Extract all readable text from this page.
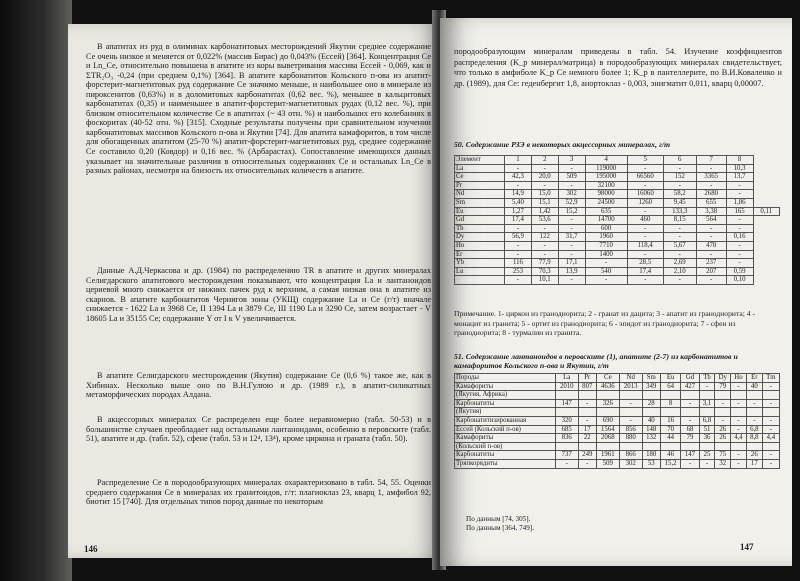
В апатитах из руд в олиминах карбонатитовых месторождений Якутии среднее содержание Се очень низкое и меняется от 0,022% (массив Бирас) до 0,043% (Ессей) [364]. Концентрация Се и Ln_Ce, относительно повышена в апатите из коры выветривания массива Ессей - 0,069, как и ΣTR₂O₃ -0,24 (при среднем 0,1%) [364]. В апатите карбонатитов Кольского п-ова из апатит-форстерит-магнетитовых руд содержание Се значимо меньше, и наибольшее оно в минерале из пироксенитов (0,63%) и в доломитовых карбонатитах (0,62 вес. %), меньшее в кальцитовых карбонатитах (0,35) и наименьшее в апатит-форстерит-магнетитовых рудах (0,12 вес. %), при близком относительном количестве Се в апатитах (~ 43 отн. %) и наибольших его колебаниях в фоскоритах (40-52 отн. %) [315]. Сходные результаты получены при сравнительном изучении карбонатитовых массивов Кольского п-ова и Якутии [74]. Для апатита камафоритов, в том числе для обогащенных апатитом (25-70 %) апатит-форстерит-магнетитовых руд, среднее содержание Се составило 0,20 (Ковдор) и 0,16 вес. % (Арбарастах). Сопоставление имеющихся данных указывает на значительные различия в относительных содержаниях Се и остальных Ln_Ce в разных районах, несмотря на близость их относительных количеств в апатите.

Данные А.Д.Черкасова и др. (1984) по распределению ТR в апатите и других минералах Селигдарского апатитового месторождения показывают, что концентрация La и лантаноидов цериевой много снижается от нижних пачек руд к верхним, а самая низкая она в апатите из скарнов. В апатите карбонатитов Чернигов зоны (УКЩ) содержание La и Се (г/т) вначале снижается - 1622 La и 3968 Се, II 1394 La и 3879 Се, III 1190 La и 3290 Се, затем возрастает - V 18605 La и 35155 Се; содержание Y от I к V увеличивается.

В апатите Селигдарского месторождения (Якутия) содержание Се (0,6 %) такое же, как в Хибинах. Несколько выше оно по В.Н.Гулюю и др. (1989 г.), в апатит-силикатных метаморфических породах Алдана.

В акцессорных минералах Се распределен еще более неравномерно (табл. 50-53) и в большинстве случаев преобладает над остальными лантаноидами, особенно в перовските (табл. 51), апатите и др. (табл. 52), сфене (табл. 53 и 12⁴, 13⁴), кроме циркона и граната (табл. 50).

Распределение Се в породообразующих минералах охарактеризовано в табл. 54, 55. Оценки среднего содержания Се в минералах их гранитоидов, г/т: плагиоклаз 23, кварц 1, амфибол 92, биотит 15 [740]. Для отдельных типов пород данные по некоторым

146
породообразующим минералам приведены в табл. 54. Изучение коэффициентов распределения (K_p минерал/матрица) в породообразующих минералах свидетельствует, что только в амфиболе K_p Се немного более 1; K_p в пантеллерите, по В.И.Коваленко и др. (1989), для Се: геденбергит 1,8, анортоклаз - 0,003, энигматит 0,011, кварц 0,00007.
50. Содержание РЗЭ в некоторых акцессорных минералах, г/т
Элемент	1	2	3	4	5	6	7	8	
La	-	-	-	119000	-	-	-	10,3	
Ce	42,3	20,0	509	195000	66560	152	3365	13,7	
Pr	-	-	-	32100	-	-	-	-	
Nd	14,9	15,0	302	98000	16060	58,2	2680	-	
Sm	5,40	15,1	52,9	24500	1260	9,45	655	1,86	
Eu	1,27	1,42	15,2	635	-	133,3	3,38	165	0,11
Gd	17,4	53,6	-	14700	460	8,15	564	-	
Tb	-	-	-	600	-	-	-	-	
Dy	56,9	122	31,7	1960	-	-	-	0,16	
Ho	-	-	-	7710	118,4	5,67	470	-	
Er	-	-	-	1400	-	-	-	-	
Yb	116	77,9	17,1	-	28,5	2,69	237	-	
Lu	253	70,3	13,9	540	17,4	2,10	207	0,59	
	-	10,1	-	-	-	-	-	0,10	
Примечание. 1- циркон из гранодиорита; 2 - гранат из дацита; 3 - апатит из гранодиорита; 4 - монацит из гранита; 5 - ортит из гранодиорита; 6 - эпидот из гранодиорита; 7 - сфен из гранодиорита; 8 - турмалин из гранита.
51. Содержание лантаноидов в перовските (1), апатите (2-7) из карбонатитов и камафоритов Кольского п-ова и Якутии, г/т
Породы	La	Pr	Ce	Nd	Sm	Eu	Gd	Tb	Dy	Ho	Er	Tm
Камафориты	2010	807	4636	2013	349	64	427	-	79	-	40	-
(Якутия, Африка)												
Карбонатиты	147	-	326	-	28	8	-	3,1	-	-	-	-
(Якутия)												
Карбонатитизированная	320	-	690	-	40	16	-	6,8	-	-	-	-
Ессей (Кольский п-ов)	685	17	1564	856	148	70	68	51	26	-	6,8	-
Камафориты	836	22	2068	880	132	44	79	36	26	4,4	8,8	4,4
(Кольский п-ов)												
Карбонатиты	737	249	1961	866	180	46	147	25	75	-	26	-
Тряпкорядиты	-	-	509	302	53	15,2	-	-	32	-	17	-
По данным [74, 305].
По данным [364, 749].
147
